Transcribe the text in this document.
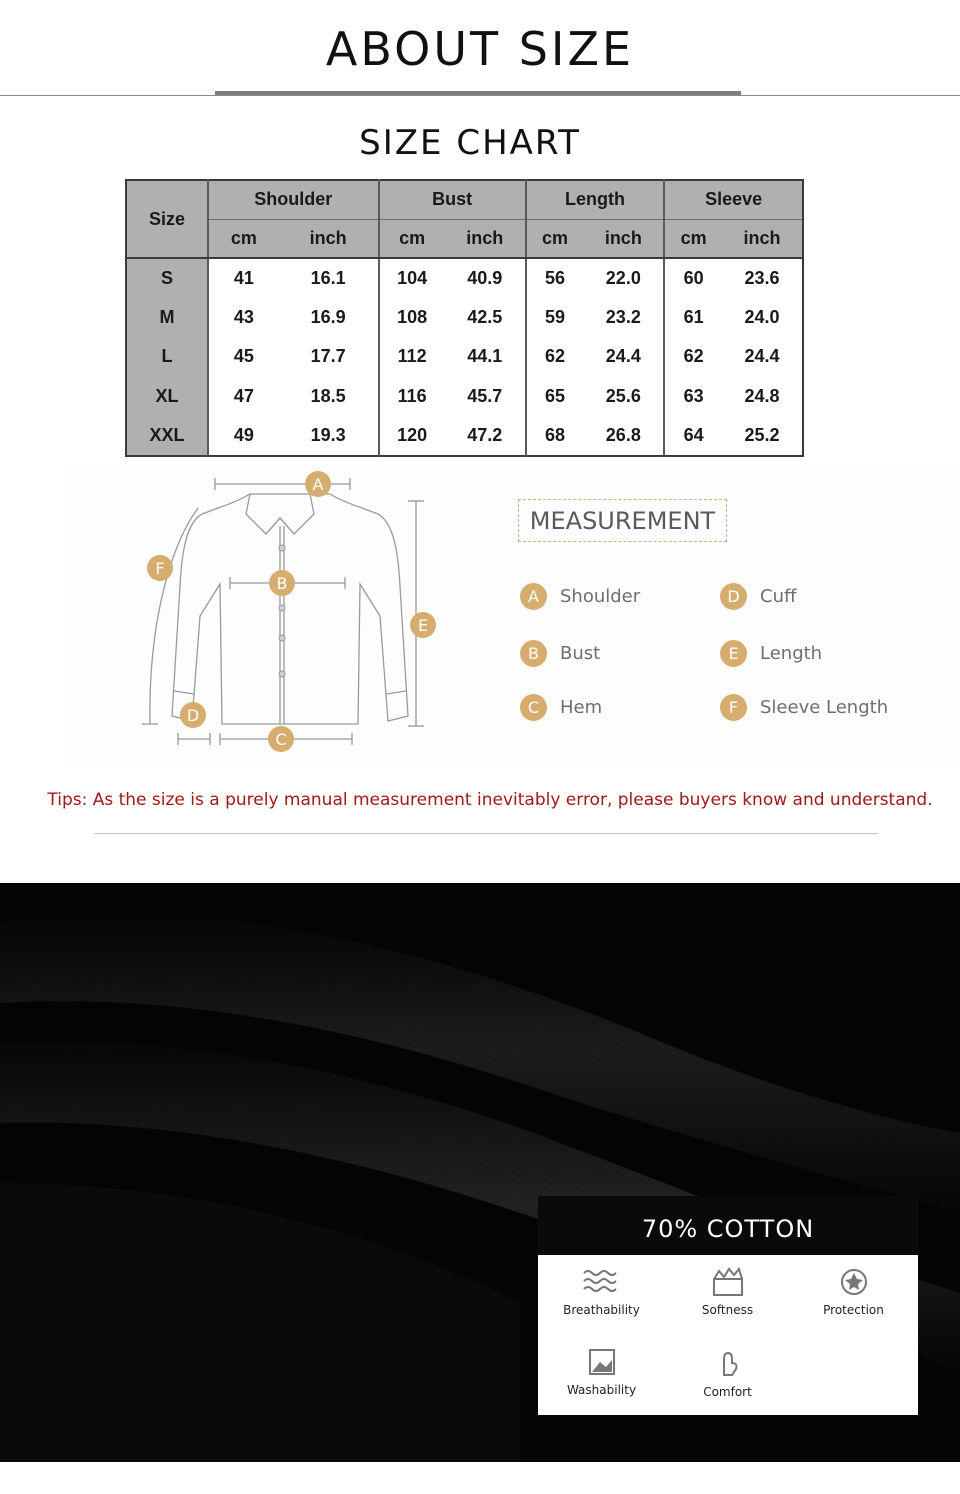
ABOUT SIZE
SIZE CHART
Size	Shoulder		Bust		Length		Sleeve	
	cm	inch	cm	inch	cm	inch	cm	inch
S	41	16.1	104	40.9	56	22.0	60	23.6
M	43	16.9	108	42.5	59	23.2	61	24.0
L	45	17.7	112	44.1	62	24.4	62	24.4
XL	47	18.5	116	45.7	65	25.6	63	24.8
XXL	49	19.3	120	47.2	68	26.8	64	25.2
A
B
C
D
E
F
MEASUREMENT
A	Shoulder
B	Bust
C	Hem
D	Cuff
E	Length
F	Sleeve Length
Tips: As the size is a purely manual measurement inevitably error, please buyers know and understand.
70% COTTON
Breathability	Softness	Protection
Washability	Comfort
